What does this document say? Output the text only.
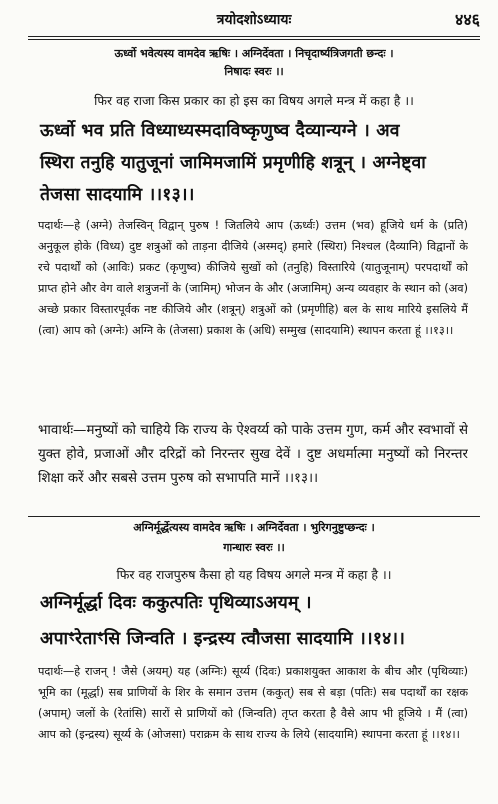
त्रयोदशोऽध्यायः	४४६
ऊर्ध्वो भवेत्यस्य वामदेव ऋषिः । अग्निर्देवता । निचृदार्ष्यत्रिजगती छन्दः ।
निषादः स्वरः ।।
फिर वह राजा किस प्रकार का हो इस का विषय अगले मन्त्र में कहा है ।।
ऊर्ध्वो भव प्रति विध्याध्यस्मदाविष्कृणुष्व दैव्यान्यग्ने । अव
स्थिरा तनुहि यातुजूनां जामिमजामिं प्रमृणीहि शत्रून् । अग्नेष्ट्वा
तेजसा सादयामि ।।१३।।
पदार्थः—हे (अग्ने) तेजस्विन् विद्वान् पुरुष ! जितलिये आप (ऊर्ध्वः) उत्तम (भव) हूजिये धर्म के (प्रति) अनुकूल होके (विध्य) दुष्ट शत्रुओं को ताड़ना दीजिये (अस्मद्) हमारे (स्थिरा) निश्चल (दैव्यानि) विद्वानों के रचे पदार्थों को (आविः) प्रकट (कृणुष्व) कीजिये सुखों को (तनुहि) विस्तारिये (यातुजूनाम्) परपदार्थों को प्राप्त होने और वेग वाले शत्रुजनों के (जामिम्) भोजन के और (अजामिम्) अन्य व्यवहार के स्थान को (अव) अच्छे प्रकार विस्तारपूर्वक नष्ट कीजिये और (शत्रून्) शत्रुओं को (प्रमृणीहि) बल के साथ मारिये इसलिये मैं (त्वा) आप को (अग्नेः) अग्नि के (तेजसा) प्रकाश के (अधि) सम्मुख (सादयामि) स्थापन करता हूं ।।१३।।
भावार्थः—मनुष्यों को चाहिये कि राज्य के ऐश्वर्य्य को पाके उत्तम गुण, कर्म और स्वभावों से युक्त होवे, प्रजाओं और दरिद्रों को निरन्तर सुख देवें । दुष्ट अधर्मात्मा मनुष्यों को निरन्तर शिक्षा करें और सबसे उत्तम पुरुष को सभापति मानें ।।१३।।
अग्निर्मूर्द्धेत्यस्य वामदेव ऋषिः । अग्निर्देवता । भुरिगनुष्टुप्छन्दः ।
गान्धारः स्वरः ।।
फिर वह राजपुरुष कैसा हो यह विषय अगले मन्त्र में कहा है ।।
अग्निर्मूर्द्धा दिवः ककुत्पतिः पृथिव्याऽअयम् ।
अपाꣳरेताꣳसि जिन्वति । इन्द्रस्य त्वौजसा सादयामि ।।१४।।
पदार्थः—हे राजन् ! जैसे (अयम्) यह (अग्निः) सूर्य्य (दिवः) प्रकाशयुक्त आकाश के बीच और (पृथिव्याः) भूमि का (मूर्द्धा) सब प्राणियों के शिर के समान उत्तम (ककुत्) सब से बड़ा (पतिः) सब पदार्थों का रक्षक (अपाम्) जलों के (रेतांसि) सारों से प्राणियों को (जिन्वति) तृप्त करता है वैसे आप भी हूजिये । मैं (त्वा) आप को (इन्द्रस्य) सूर्य्य के (ओजसा) पराक्रम के साथ राज्य के लिये (सादयामि) स्थापना करता हूं ।।१४।।
